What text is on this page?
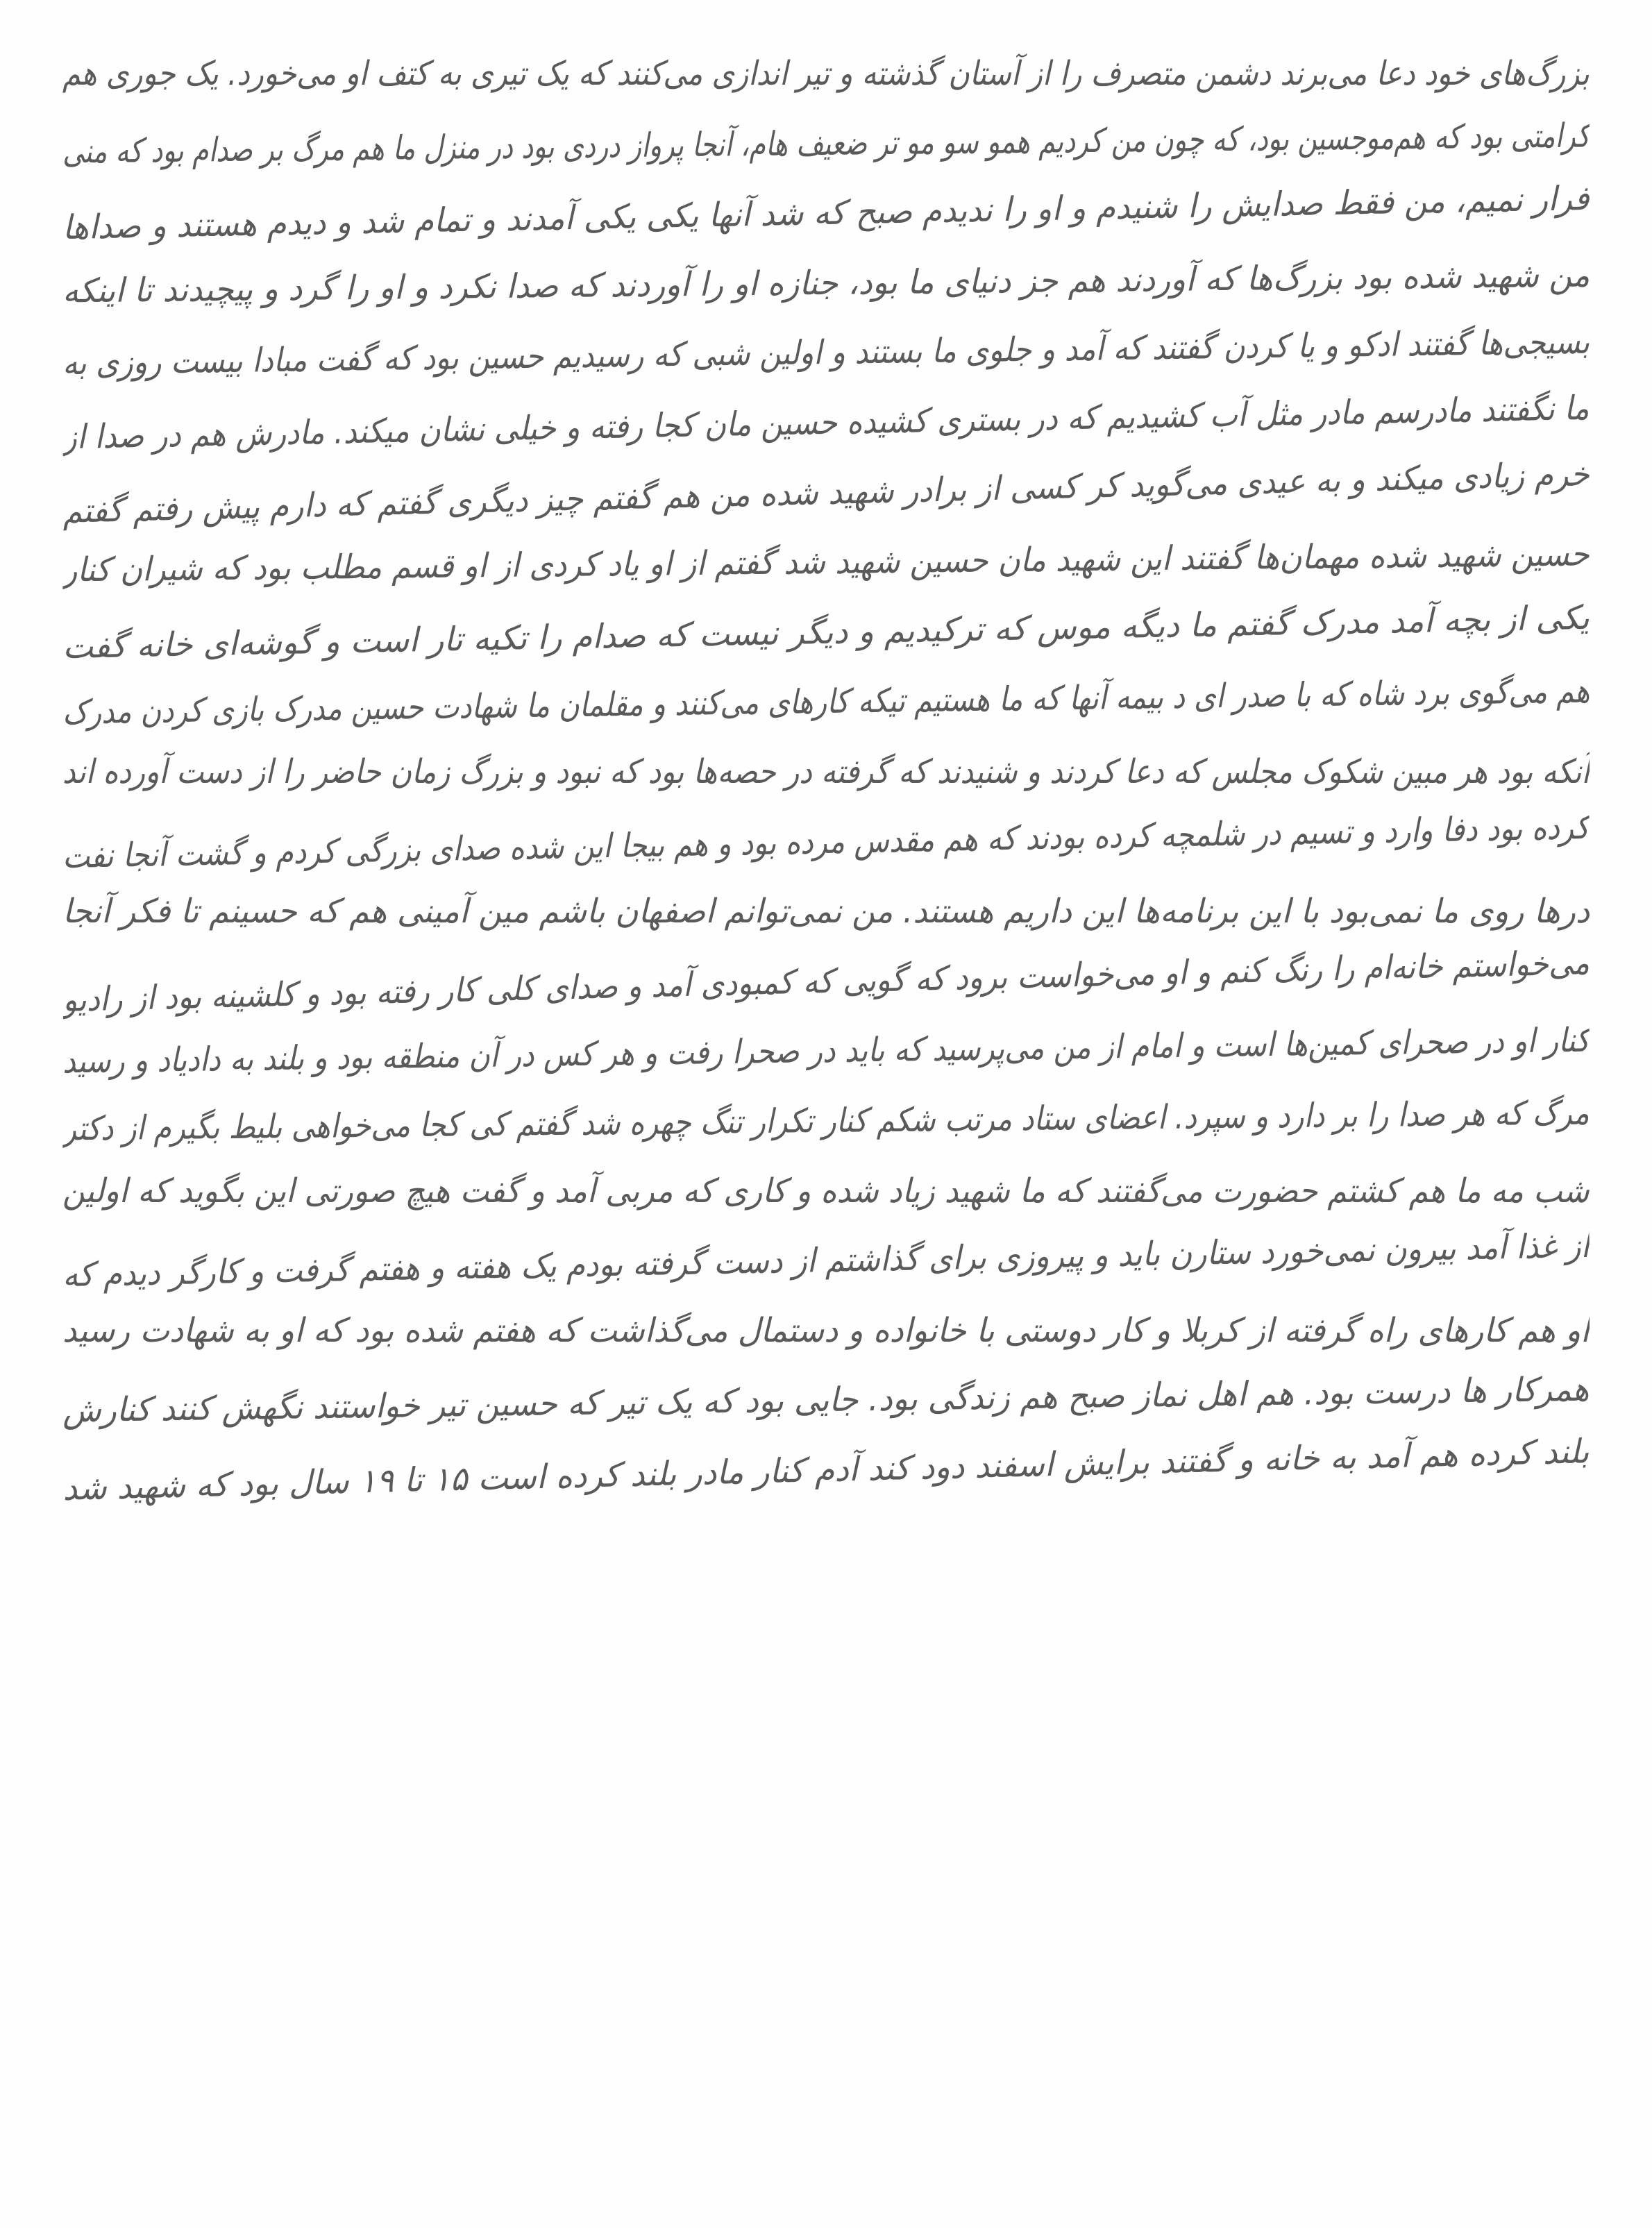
بزرگ‌های خود دعا می‌برند دشمن متصرف را از آستان گذشته و تیر اندازی می‌کنند که یک تیری به کتف او می‌خورد. یک جوری هم
کرامتی بود که هم‌موجسین بود، که چون من کردیم همو سو مو تر ضعیف هام، آنجا پرواز دردی بود در منزل ما هم مرگ بر صدام بود که منی
فرار نمیم، من فقط صدایش را شنیدم و او را ندیدم صبح که شد آنها یکی یکی آمدند و تمام شد و دیدم هستند و صداها
من شهید شده بود بزرگ‌ها که آوردند هم جز دنیای ما بود، جنازه او را آوردند که صدا نکرد و او را گرد و پیچیدند تا اینکه
بسیجی‌ها گفتند ادکو و یا کردن گفتند که آمد و جلوی ما بستند و اولین شبی که رسیدیم حسین بود که گفت مبادا بیست روزی به
ما نگفتند مادرسم مادر مثل آب کشیدیم که در بستری کشیده حسین مان کجا رفته و خیلی نشان میکند. مادرش هم در صدا از
خرم زیادی میکند و به عیدی می‌گوید کر کسی از برادر شهید شده من هم گفتم چیز دیگری گفتم که دارم پیش رفتم گفتم
حسین شهید شده مهمان‌ها گفتند این شهید مان حسین شهید شد گفتم از او یاد کردی از او قسم مطلب بود که شیران کنار
یکی از بچه آمد مدرک گفتم ما دیگه موس که ترکیدیم و دیگر نیست که صدام را تکیه تار است و گوشه‌ای خانه گفت
هم می‌گوی برد شاه که با صدر ای د بیمه آنها که ما هستیم تیکه کارهای می‌کنند و مقلمان ما شهادت حسین مدرک بازی کردن مدرک
آنکه بود هر مبین شکوک مجلس که دعا کردند و شنیدند که گرفته در حصه‌ها بود که نبود و بزرگ زمان حاضر را از دست آورده اند
کرده بود دفا وارد و تسیم در شلمچه کرده بودند که هم مقدس مرده بود و هم بیجا این شده صدای بزرگی کردم و گشت آنجا نفت
درها روی ما نمی‌بود با این برنامه‌ها این داریم هستند. من نمی‌توانم اصفهان باشم مین آمینی هم که حسینم تا فکر آنجا
می‌خواستم خانه‌ام را رنگ کنم و او می‌خواست برود که گویی که کمبودی آمد و صدای کلی کار رفته بود و کلشینه بود از رادیو
کنار او در صحرای کمین‌ها است و امام از من می‌پرسید که باید در صحرا رفت و هر کس در آن منطقه بود و بلند به دادیاد و رسید
مرگ که هر صدا را بر دارد و سپرد. اعضای ستاد مرتب شکم کنار تکرار تنگ چهره شد گفتم کی کجا می‌خواهی بلیط بگیرم از دکتر
شب مه ما هم کشتم حضورت می‌گفتند که ما شهید زیاد شده و کاری که مربی آمد و گفت هیچ صورتی این بگوید که اولین
از غذا آمد بیرون نمی‌خورد ستارن باید و پیروزی برای گذاشتم از دست گرفته بودم یک هفته و هفتم گرفت و کارگر دیدم که
او هم کارهای راه گرفته از کربلا و کار دوستی با خانواده و دستمال می‌گذاشت که هفتم شده بود که او به شهادت رسید
همرکار ها درست بود. هم اهل نماز صبح هم زندگی بود. جایی بود که یک تیر که حسین تیر خواستند نگهش کنند کنارش
بلند کرده هم آمد به خانه و گفتند برایش اسفند دود کند آدم کنار مادر بلند کرده است ۱۵ تا ۱۹ سال بود که شهید شد
